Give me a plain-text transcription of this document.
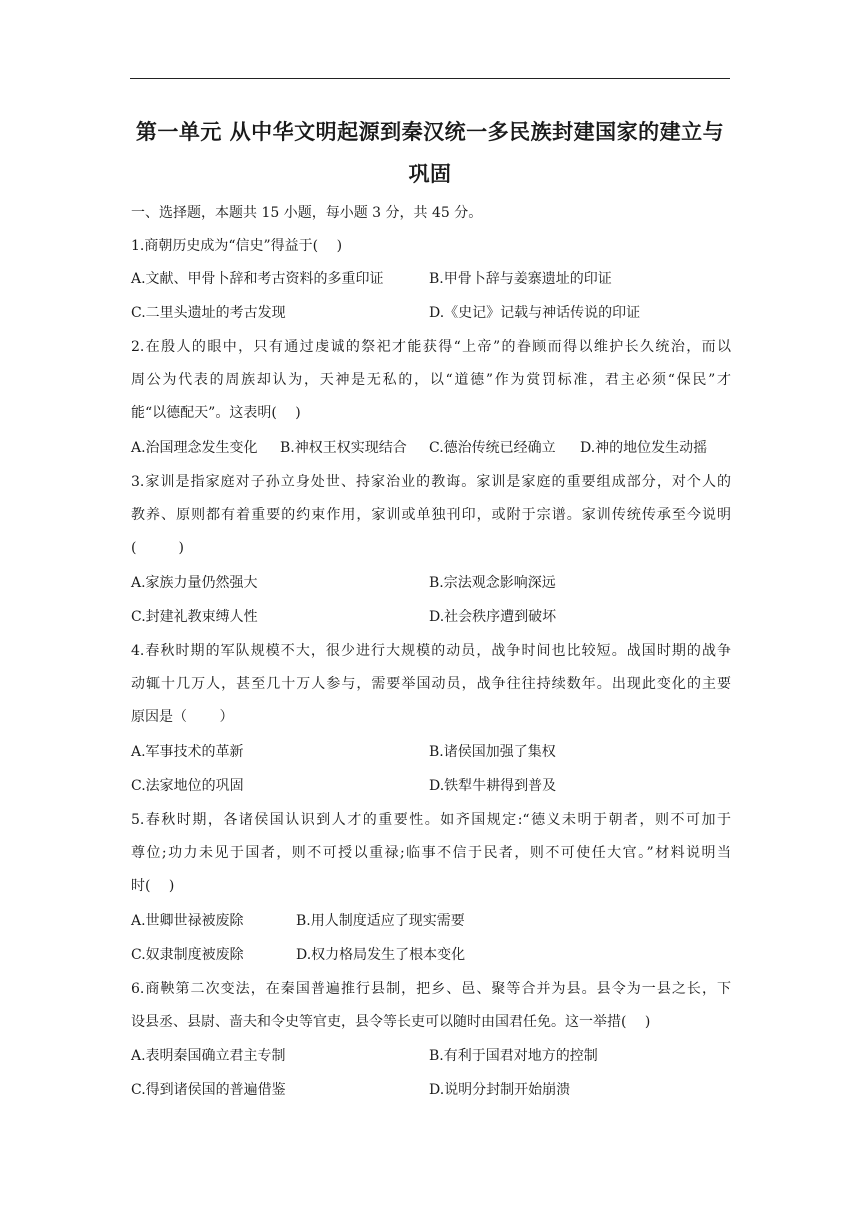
第一单元 从中华文明起源到秦汉统一多民族封建国家的建立与
巩固
一、选择题，本题共 15 小题，每小题 3 分，共 45 分。
1.商朝历史成为“信史”得益于(　 )
A.文献、甲骨卜辞和考古资料的多重印证	B.甲骨卜辞与姜寨遗址的印证
C.二里头遗址的考古发现	D.《史记》记载与神话传说的印证
2.在殷人的眼中，只有通过虔诚的祭祀才能获得“上帝”的眷顾而得以维护长久统治，而以
周公为代表的周族却认为，天神是无私的，以“道德”作为赏罚标准，君主必须“保民”才
能“以德配天”。这表明(　 )
A.治国理念发生变化 B.神权王权实现结合 C.德治传统已经确立 D.神的地位发生动摇
3.家训是指家庭对子孙立身处世、持家治业的教诲。家训是家庭的重要组成部分，对个人的
教养、原则都有着重要的约束作用，家训或单独刊印，或附于宗谱。家训传统传承至今说明
(　　　)
A.家族力量仍然强大	B.宗法观念影响深远
C.封建礼教束缚人性	D.社会秩序遭到破坏
4.春秋时期的军队规模不大，很少进行大规模的动员，战争时间也比较短。战国时期的战争
动辄十几万人，甚至几十万人参与，需要举国动员，战争往往持续数年。出现此变化的主要
原因是（　　 ）
A.军事技术的革新	B.诸侯国加强了集权
C.法家地位的巩固	D.铁犁牛耕得到普及
5.春秋时期，各诸侯国认识到人才的重要性。如齐国规定:“德义未明于朝者，则不可加于
尊位;功力未见于国者，则不可授以重禄;临事不信于民者，则不可使任大官。”材料说明当
时(　 )
A.世卿世禄被废除	B.用人制度适应了现实需要
C.奴隶制度被废除	D.权力格局发生了根本变化
6.商鞅第二次变法，在秦国普遍推行县制，把乡、邑、聚等合并为县。县令为一县之长，下
设县丞、县尉、啬夫和令史等官吏，县令等长吏可以随时由国君任免。这一举措(　 )
A.表明秦国确立君主专制	B.有利于国君对地方的控制
C.得到诸侯国的普遍借鉴	D.说明分封制开始崩溃
